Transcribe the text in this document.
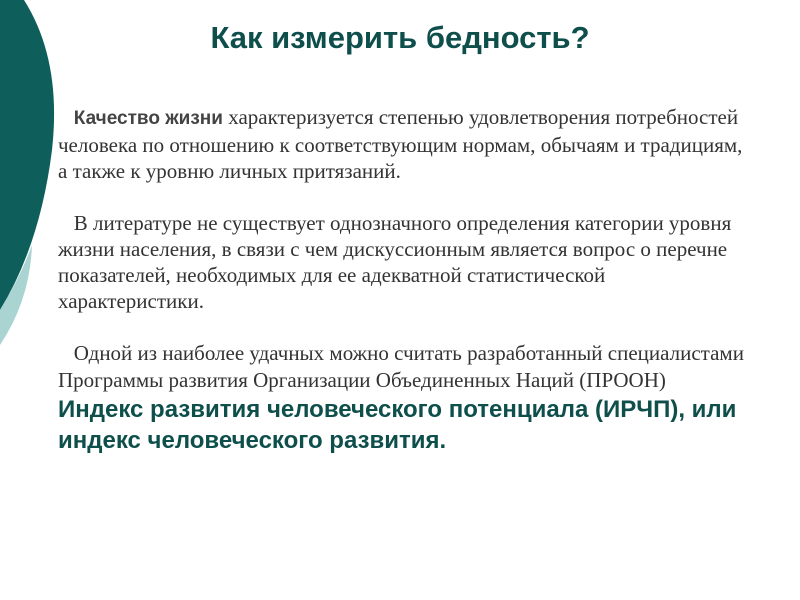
Как измерить бедность?

Качество жизни характеризуется степенью удовлетворения потребностей человека по отношению к соответствующим нормам, обычаям и традициям, а также к уровню личных притязаний.

В литературе не существует однозначного определения категории уровня жизни населения, в связи с чем дискуссионным является вопрос о перечне показателей, необходимых для ее адекватной статистической характеристики.

Одной из наиболее удачных можно считать разработанный специалистами Программы развития Организации Объединенных Наций (ПРООН) Индекс развития человеческого потенциала (ИРЧП), или индекс человеческого развития.
